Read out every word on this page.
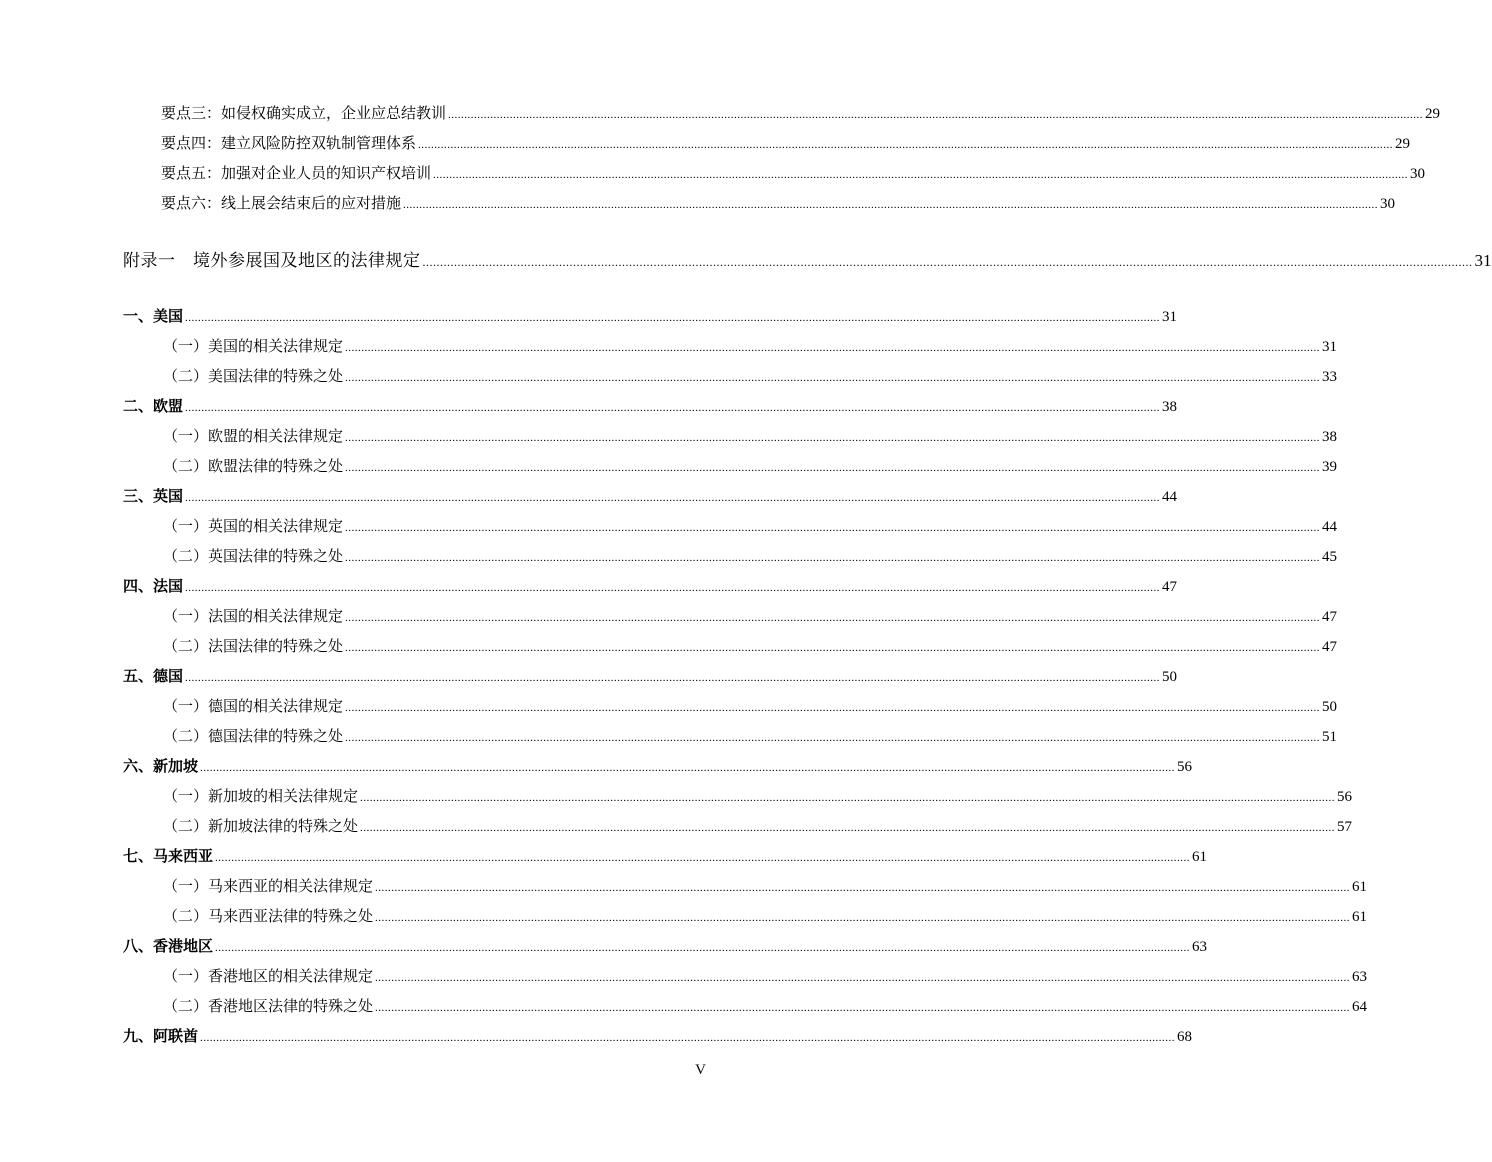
要点三：如侵权确实成立，企业应总结教训 ............................................................................................................................................................................................................................................................................................................ 29
要点四：建立风险防控双轨制管理体系 ............................................................................................................................................................................................................................................................................................................ 29
要点五：加强对企业人员的知识产权培训 ............................................................................................................................................................................................................................................................................................................ 30
要点六：线上展会结束后的应对措施 ............................................................................................................................................................................................................................................................................................................ 30
附录一　境外参展国及地区的法律规定 ............................................................................................................................................................................................................................................................................................................ 31
一、美国 ............................................................................................................................................................................................................................................................................................................ 31
（一）美国的相关法律规定 ............................................................................................................................................................................................................................................................................................................ 31
（二）美国法律的特殊之处 ............................................................................................................................................................................................................................................................................................................ 33
二、欧盟 ............................................................................................................................................................................................................................................................................................................ 38
（一）欧盟的相关法律规定 ............................................................................................................................................................................................................................................................................................................ 38
（二）欧盟法律的特殊之处 ............................................................................................................................................................................................................................................................................................................ 39
三、英国 ............................................................................................................................................................................................................................................................................................................ 44
（一）英国的相关法律规定 ............................................................................................................................................................................................................................................................................................................ 44
（二）英国法律的特殊之处 ............................................................................................................................................................................................................................................................................................................ 45
四、法国 ............................................................................................................................................................................................................................................................................................................ 47
（一）法国的相关法律规定 ............................................................................................................................................................................................................................................................................................................ 47
（二）法国法律的特殊之处 ............................................................................................................................................................................................................................................................................................................ 47
五、德国 ............................................................................................................................................................................................................................................................................................................ 50
（一）德国的相关法律规定 ............................................................................................................................................................................................................................................................................................................ 50
（二）德国法律的特殊之处 ............................................................................................................................................................................................................................................................................................................ 51
六、新加坡 ............................................................................................................................................................................................................................................................................................................ 56
（一）新加坡的相关法律规定 ............................................................................................................................................................................................................................................................................................................ 56
（二）新加坡法律的特殊之处 ............................................................................................................................................................................................................................................................................................................ 57
七、马来西亚 ............................................................................................................................................................................................................................................................................................................ 61
（一）马来西亚的相关法律规定 ............................................................................................................................................................................................................................................................................................................ 61
（二）马来西亚法律的特殊之处 ............................................................................................................................................................................................................................................................................................................ 61
八、香港地区 ............................................................................................................................................................................................................................................................................................................ 63
（一）香港地区的相关法律规定 ............................................................................................................................................................................................................................................................................................................ 63
（二）香港地区法律的特殊之处 ............................................................................................................................................................................................................................................................................................................ 64
九、阿联酋 ............................................................................................................................................................................................................................................................................................................ 68
V
